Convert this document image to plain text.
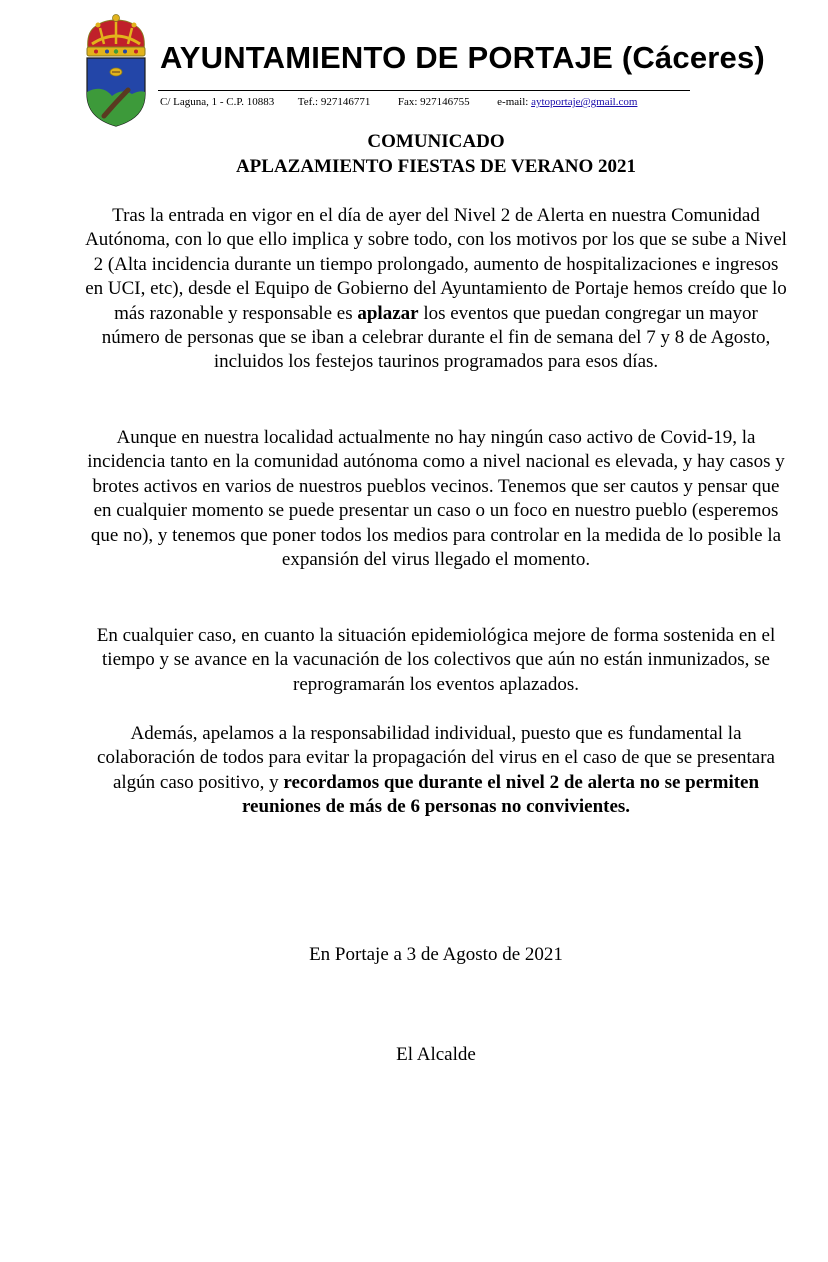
AYUNTAMIENTO DE PORTAJE (Cáceres)
C/ Laguna, 1 - C.P. 10883 Tef.: 927146771	Fax: 927146755	e-mail: aytoportaje@gmail.com
COMUNICADO
APLAZAMIENTO FIESTAS DE VERANO 2021

Tras la entrada en vigor en el día de ayer del Nivel 2 de Alerta en nuestra Comunidad Autónoma, con lo que ello implica y sobre todo, con los motivos por los que se sube a Nivel 2 (Alta incidencia durante un tiempo prolongado, aumento de hospitalizaciones e ingresos en UCI, etc), desde el Equipo de Gobierno del Ayuntamiento de Portaje hemos creído que lo más razonable y responsable es aplazar los eventos que puedan congregar un mayor número de personas que se iban a celebrar durante el fin de semana del 7 y 8 de Agosto, incluidos los festejos taurinos programados para esos días.

Aunque en nuestra localidad actualmente no hay ningún caso activo de Covid-19, la incidencia tanto en la comunidad autónoma como a nivel nacional es elevada, y hay casos y brotes activos en varios de nuestros pueblos vecinos. Tenemos que ser cautos y pensar que en cualquier momento se puede presentar un caso o un foco en nuestro pueblo (esperemos que no), y tenemos que poner todos los medios para controlar en la medida de lo posible la expansión del virus llegado el momento.

En cualquier caso, en cuanto la situación epidemiológica mejore de forma sostenida en el tiempo y se avance en la vacunación de los colectivos que aún no están inmunizados, se reprogramarán los eventos aplazados.

Además, apelamos a la responsabilidad individual, puesto que es fundamental la colaboración de todos para evitar la propagación del virus en el caso de que se presentara algún caso positivo, y recordamos que durante el nivel 2 de alerta no se permiten reuniones de más de 6 personas no convivientes.

En Portaje a 3 de Agosto de 2021
El Alcalde
